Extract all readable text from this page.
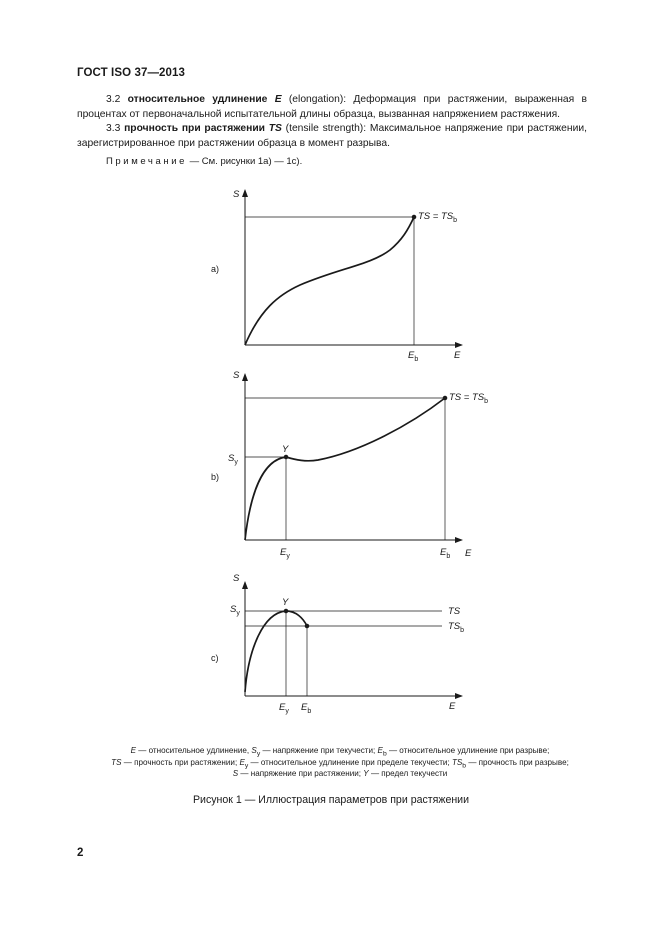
ГОСТ ISO 37—2013
3.2 относительное удлинение E (elongation): Деформация при растяжении, выраженная в процентах от первоначальной испытательной длины образца, вызванная напряжением растяжения.
3.3 прочность при растяжении TS (tensile strength): Максимальное напряжение при растяжении, зарегистрированное при растяжении образца в момент разрыва.
Примечание — См. рисунки 1а) — 1с).
S
E
a)
TS = $TS_b$
$E_b$
S
E
b)
TS = $TS_b$
$S_y$
Y
$E_y$	$E_b$
S
E
c)
$S_y$
Y
TS
$TS_b$
$E_y$ $E_b$
E — относительное удлинение, $S_y$ — напряжение при текучести; $E_b$ — относительное удлинение при разрыве;
TS — прочность при растяжении; $E_y$ — относительное удлинение при пределе текучести; $TS_b$ — прочность при разрыве;
S — напряжение при растяжении; Y — предел текучести
Рисунок 1 — Иллюстрация параметров при растяжении
2
